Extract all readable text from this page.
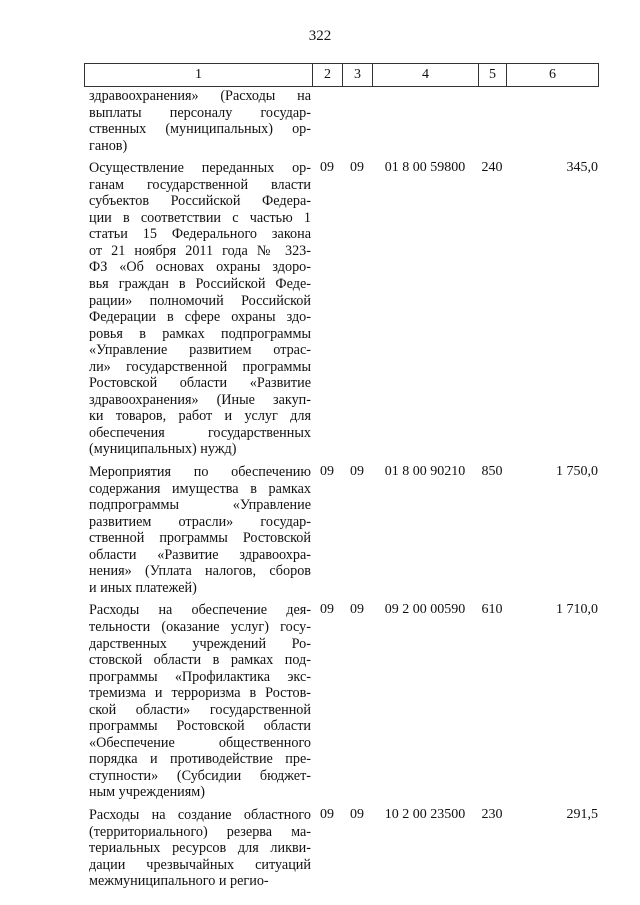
322
1	2	3	4	5	6
здравоохранения» (Расходы на
выплаты персоналу государ-
ственных (муниципальных) ор-
ганов)
Осуществление переданных ор-
ганам государственной власти
субъектов Российской Федера-
ции в соответствии с частью 1
статьи 15 Федерального закона
от 21 ноября 2011 года № 323-
ФЗ «Об основах охраны здоро-
вья граждан в Российской Феде-
рации» полномочий Российской
Федерации в сфере охраны здо-
ровья в рамках подпрограммы
«Управление развитием отрас-
ли» государственной программы
Ростовской области «Развитие
здравоохранения» (Иные закуп-
ки товаров, работ и услуг для
обеспечения государственных
(муниципальных) нужд)
09	09	01 8 00 59800	240	345,0
Мероприятия по обеспечению
содержания имущества в рамках
подпрограммы «Управление
развитием отрасли» государ-
ственной программы Ростовской
области «Развитие здравоохра-
нения» (Уплата налогов, сборов
и иных платежей)
09	09	01 8 00 90210	850	1 750,0
Расходы на обеспечение дея-
тельности (оказание услуг) госу-
дарственных учреждений Ро-
стовской области в рамках под-
программы «Профилактика экс-
тремизма и терроризма в Ростов-
ской области» государственной
программы Ростовской области
«Обеспечение общественного
порядка и противодействие пре-
ступности» (Субсидии бюджет-
ным учреждениям)
09	09	09 2 00 00590	610	1 710,0
Расходы на создание областного
(территориального) резерва ма-
териальных ресурсов для ликви-
дации чрезвычайных ситуаций
межмуниципального и регио-
09	09	10 2 00 23500	230	291,5
